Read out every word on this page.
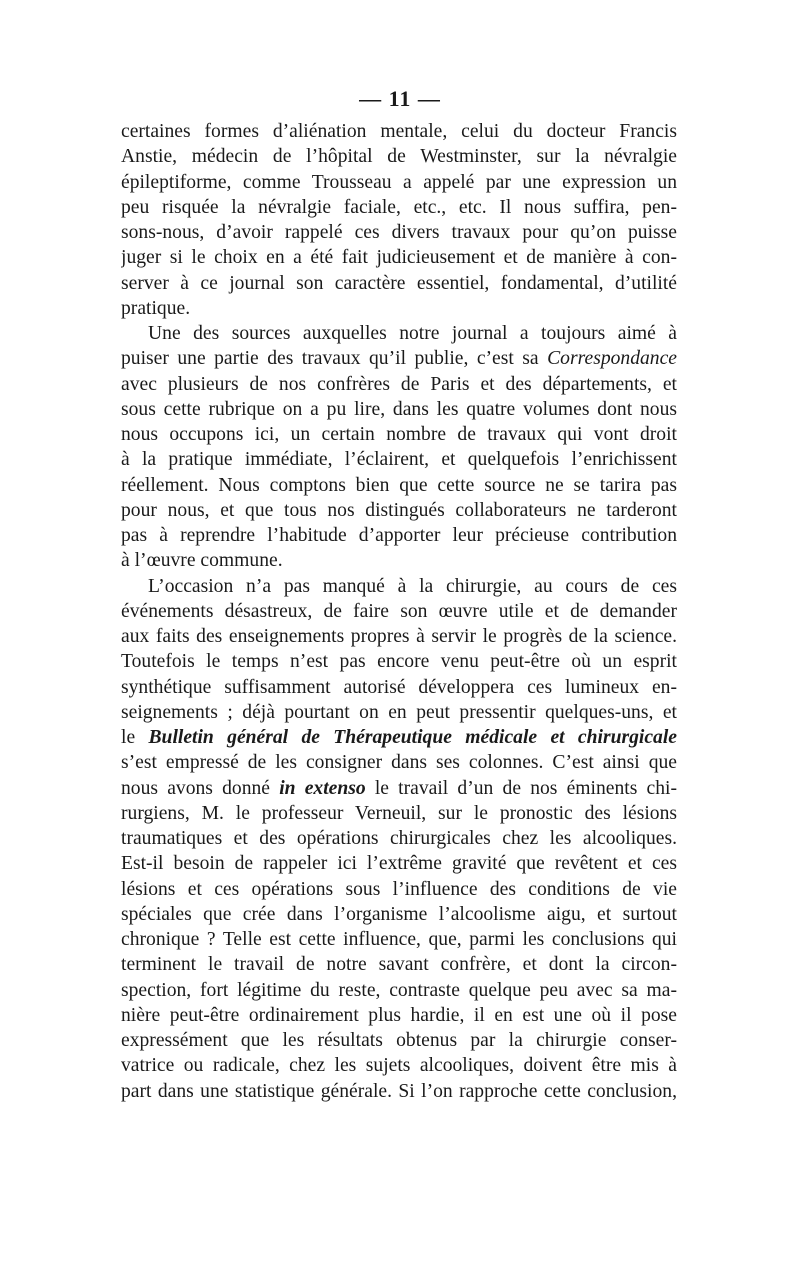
— 11 —
certaines formes d’aliénation mentale, celui du docteur Francis
Anstie, médecin de l’hôpital de Westminster, sur la névralgie
épileptiforme, comme Trousseau a appelé par une expression un
peu risquée la névralgie faciale, etc., etc. Il nous suffira, pen-
sons-nous, d’avoir rappelé ces divers travaux pour qu’on puisse
juger si le choix en a été fait judicieusement et de manière à con-
server à ce journal son caractère essentiel, fondamental, d’utilité
pratique.
Une des sources auxquelles notre journal a toujours aimé à
puiser une partie des travaux qu’il publie, c’est sa Correspondance
avec plusieurs de nos confrères de Paris et des départements, et
sous cette rubrique on a pu lire, dans les quatre volumes dont nous
nous occupons ici, un certain nombre de travaux qui vont droit
à la pratique immédiate, l’éclairent, et quelquefois l’enrichissent
réellement. Nous comptons bien que cette source ne se tarira pas
pour nous, et que tous nos distingués collaborateurs ne tarderont
pas à reprendre l’habitude d’apporter leur précieuse contribution
à l’œuvre commune.
L’occasion n’a pas manqué à la chirurgie, au cours de ces
événements désastreux, de faire son œuvre utile et de demander
aux faits des enseignements propres à servir le progrès de la science.
Toutefois le temps n’est pas encore venu peut-être où un esprit
synthétique suffisamment autorisé développera ces lumineux en-
seignements ; déjà pourtant on en peut pressentir quelques-uns, et
le Bulletin général de Thérapeutique médicale et chirurgicale
s’est empressé de les consigner dans ses colonnes. C’est ainsi que
nous avons donné in extenso le travail d’un de nos éminents chi-
rurgiens, M. le professeur Verneuil, sur le pronostic des lésions
traumatiques et des opérations chirurgicales chez les alcooliques.
Est-il besoin de rappeler ici l’extrême gravité que revêtent et ces
lésions et ces opérations sous l’influence des conditions de vie
spéciales que crée dans l’organisme l’alcoolisme aigu, et surtout
chronique ? Telle est cette influence, que, parmi les conclusions qui
terminent le travail de notre savant confrère, et dont la circon-
spection, fort légitime du reste, contraste quelque peu avec sa ma-
nière peut-être ordinairement plus hardie, il en est une où il pose
expressément que les résultats obtenus par la chirurgie conser-
vatrice ou radicale, chez les sujets alcooliques, doivent être mis à
part dans une statistique générale. Si l’on rapproche cette conclusion,
